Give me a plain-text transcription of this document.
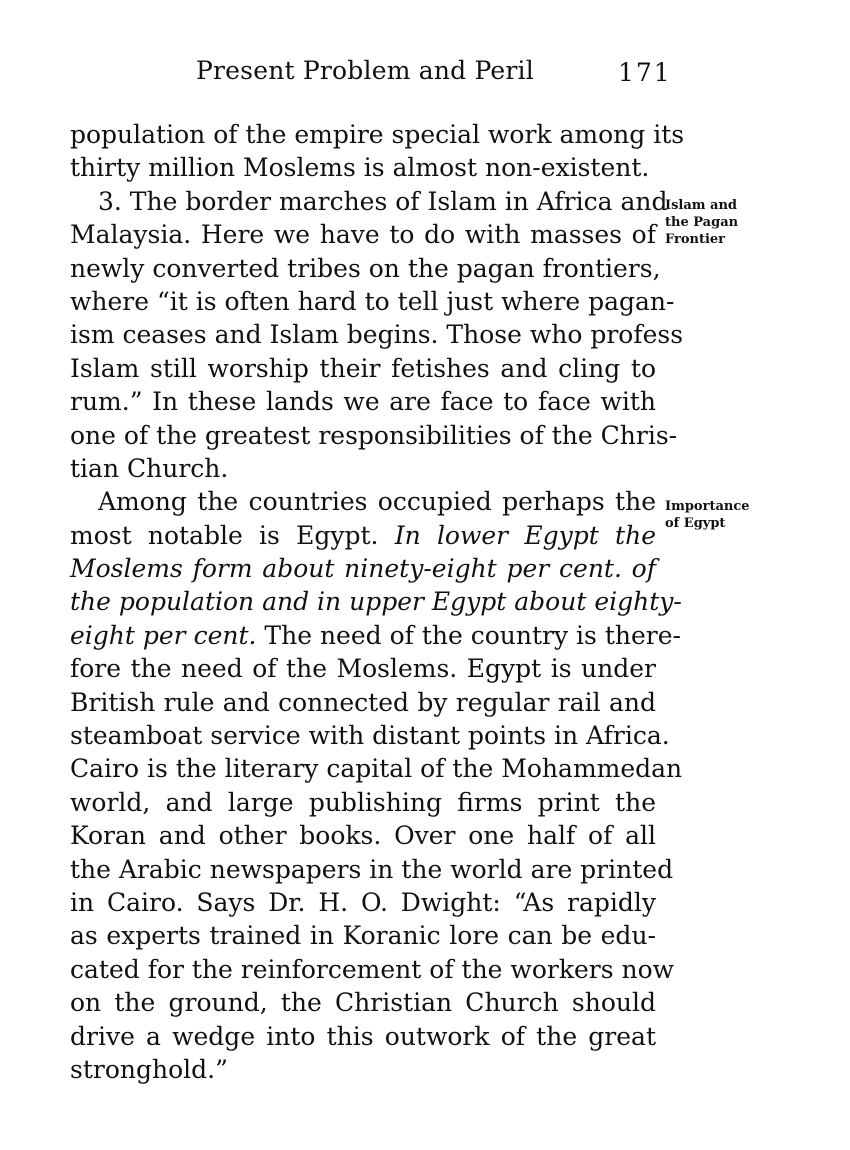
Present Problem and Peril	171
population of the empire special work among its
thirty million Moslems is almost non-existent.
3. The border marches of Islam in Africa and
Malaysia. Here we have to do with masses of
newly converted tribes on the pagan frontiers,
where “it is often hard to tell just where pagan-
ism ceases and Islam begins. Those who profess
Islam still worship their fetishes and cling to
rum.” In these lands we are face to face with
one of the greatest responsibilities of the Chris-
tian Church.
Among the countries occupied perhaps the
most notable is Egypt. In lower Egypt the
Moslems form about ninety-eight per cent. of
the population and in upper Egypt about eighty-
eight per cent. The need of the country is there-
fore the need of the Moslems. Egypt is under
British rule and connected by regular rail and
steamboat service with distant points in Africa.
Cairo is the literary capital of the Mohammedan
world, and large publishing firms print the
Koran and other books. Over one half of all
the Arabic newspapers in the world are printed
in Cairo. Says Dr. H. O. Dwight: “As rapidly
as experts trained in Koranic lore can be edu-
cated for the reinforcement of the workers now
on the ground, the Christian Church should
drive a wedge into this outwork of the great
stronghold.”
Islam and
the Pagan
Frontier
Importance
of Egypt
